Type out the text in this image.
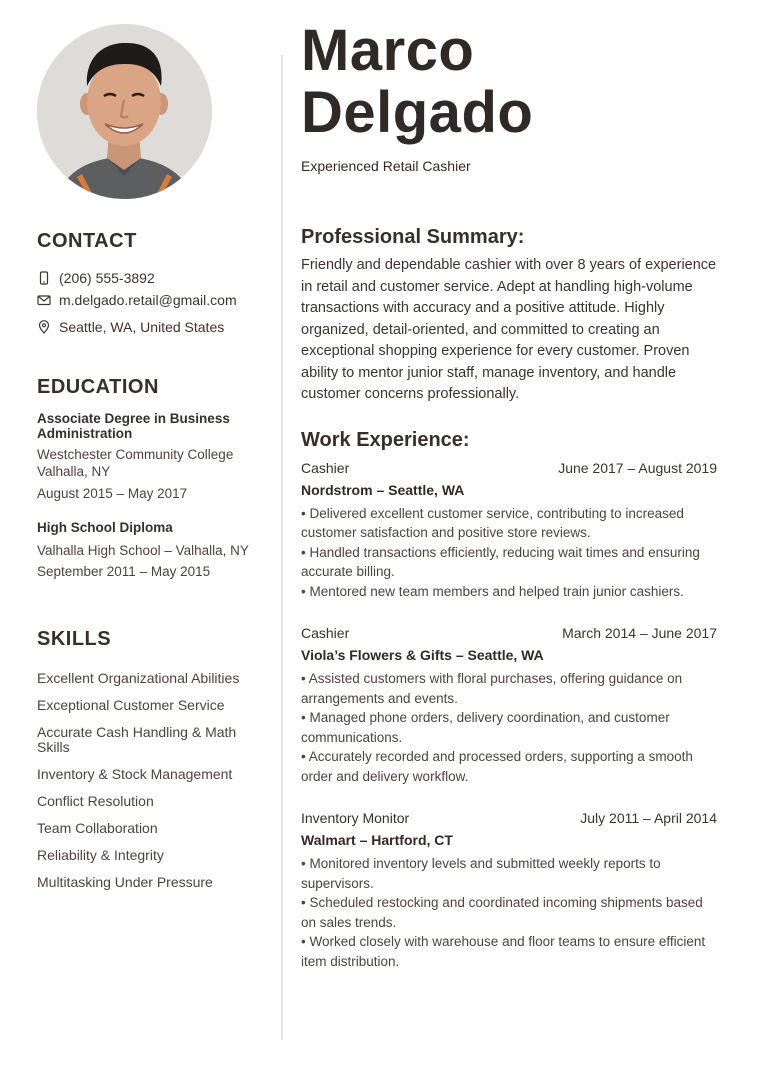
CONTACT
(206) 555-3892
m.delgado.retail@gmail.com
Seattle, WA, United States
EDUCATION
Associate Degree in Business Administration
Westchester Community College
Valhalla, NY
August 2015 – May 2017
High School Diploma
Valhalla High School – Valhalla, NY
September 2011 – May 2015
SKILLS
Excellent Organizational Abilities
Exceptional Customer Service
Accurate Cash Handling & Math Skills
Inventory & Stock Management
Conflict Resolution
Team Collaboration
Reliability & Integrity
Multitasking Under Pressure
Marco
Delgado
Experienced Retail Cashier
Professional Summary:
Friendly and dependable cashier with over 8 years of experience in retail and customer service. Adept at handling high-volume transactions with accuracy and a positive attitude. Highly organized, detail-oriented, and committed to creating an exceptional shopping experience for every customer. Proven ability to mentor junior staff, manage inventory, and handle customer concerns professionally.
Work Experience:
Cashier	June 2017 – August 2019
Nordstrom – Seattle, WA
• Delivered excellent customer service, contributing to increased customer satisfaction and positive store reviews.
• Handled transactions efficiently, reducing wait times and ensuring accurate billing.
• Mentored new team members and helped train junior cashiers.
Cashier	March 2014 – June 2017
Viola’s Flowers & Gifts – Seattle, WA
• Assisted customers with floral purchases, offering guidance on arrangements and events.
• Managed phone orders, delivery coordination, and customer communications.
• Accurately recorded and processed orders, supporting a smooth order and delivery workflow.
Inventory Monitor	July 2011 – April 2014
Walmart – Hartford, CT
• Monitored inventory levels and submitted weekly reports to supervisors.
• Scheduled restocking and coordinated incoming shipments based on sales trends.
• Worked closely with warehouse and floor teams to ensure efficient item distribution.
